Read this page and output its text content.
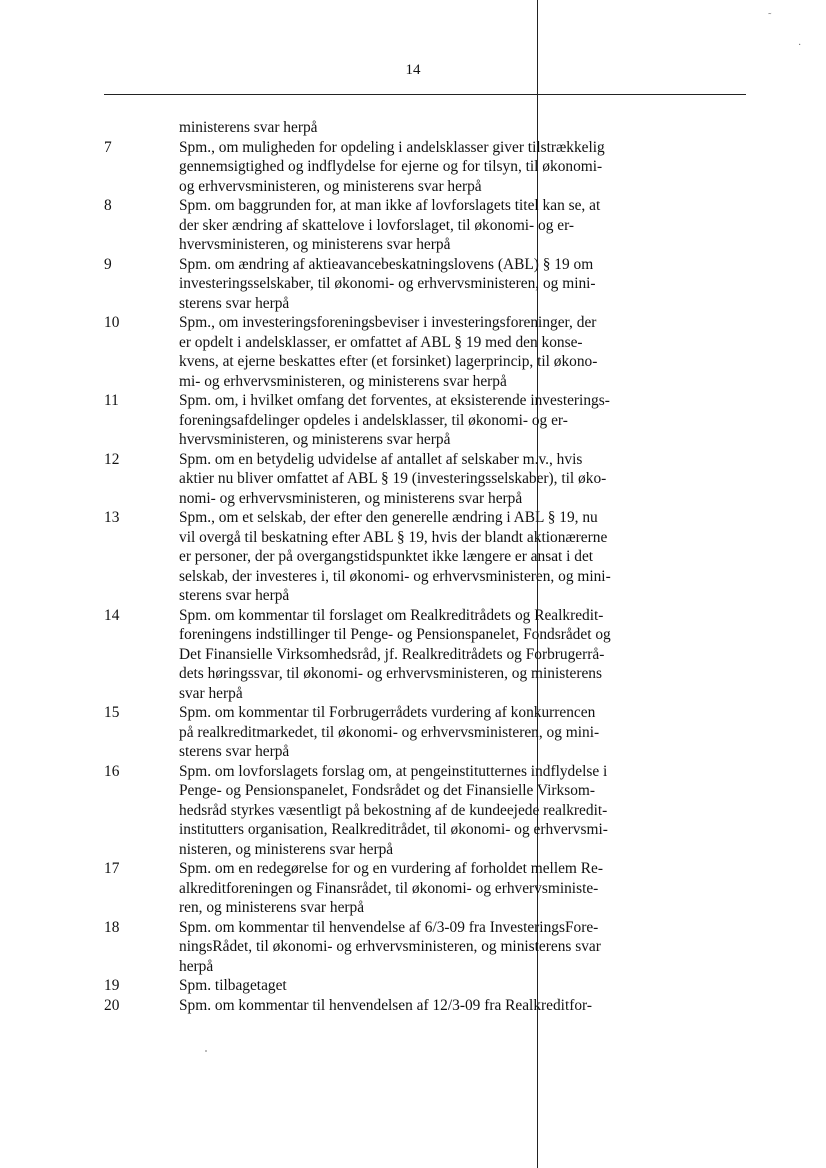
14
˜
·
ministerens svar herpå
7	Spm., om muligheden for opdeling i andelsklasser giver tilstrækkelig
gennemsigtighed og indflydelse for ejerne og for tilsyn, til økonomi-
og erhvervsministeren, og ministerens svar herpå
8	Spm. om baggrunden for, at man ikke af lovforslagets titel kan se, at
der sker ændring af skattelove i lovforslaget, til økonomi- og er-
hvervsministeren, og ministerens svar herpå
9	Spm. om ændring af aktieavancebeskatningslovens (ABL) § 19 om
investeringsselskaber, til økonomi- og erhvervsministeren, og mini-
sterens svar herpå
10	Spm., om investeringsforeningsbeviser i investeringsforeninger, der
er opdelt i andelsklasser, er omfattet af ABL § 19 med den konse-
kvens, at ejerne beskattes efter (et forsinket) lagerprincip, til økono-
mi- og erhvervsministeren, og ministerens svar herpå
11	Spm. om, i hvilket omfang det forventes, at eksisterende investerings-
foreningsafdelinger opdeles i andelsklasser, til økonomi- og er-
hvervsministeren, og ministerens svar herpå
12	Spm. om en betydelig udvidelse af antallet af selskaber m.v., hvis
aktier nu bliver omfattet af ABL § 19 (investeringsselskaber), til øko-
nomi- og erhvervsministeren, og ministerens svar herpå
13	Spm., om et selskab, der efter den generelle ændring i ABL § 19, nu
vil overgå til beskatning efter ABL § 19, hvis der blandt aktionærerne
er personer, der på overgangstidspunktet ikke længere er ansat i det
selskab, der investeres i, til økonomi- og erhvervsministeren, og mini-
sterens svar herpå
14	Spm. om kommentar til forslaget om Realkreditrådets og Realkredit-
foreningens indstillinger til Penge- og Pensionspanelet, Fondsrådet og
Det Finansielle Virksomhedsråd, jf. Realkreditrådets og Forbrugerrå-
dets høringssvar, til økonomi- og erhvervsministeren, og ministerens
svar herpå
15	Spm. om kommentar til Forbrugerrådets vurdering af konkurrencen
på realkreditmarkedet, til økonomi- og erhvervsministeren, og mini-
sterens svar herpå
16	Spm. om lovforslagets forslag om, at pengeinstitutternes indflydelse i
Penge- og Pensionspanelet, Fondsrådet og det Finansielle Virksom-
hedsråd styrkes væsentligt på bekostning af de kundeejede realkredit-
institutters organisation, Realkreditrådet, til økonomi- og erhvervsmi-
nisteren, og ministerens svar herpå
17	Spm. om en redegørelse for og en vurdering af forholdet mellem Re-
alkreditforeningen og Finansrådet, til økonomi- og erhvervsministe-
ren, og ministerens svar herpå
18	Spm. om kommentar til henvendelse af 6/3-09 fra InvesteringsFore-
ningsRådet, til økonomi- og erhvervsministeren, og ministerens svar
herpå
19	Spm. tilbagetaget
20	Spm. om kommentar til henvendelsen af 12/3-09 fra Realkreditfor-
